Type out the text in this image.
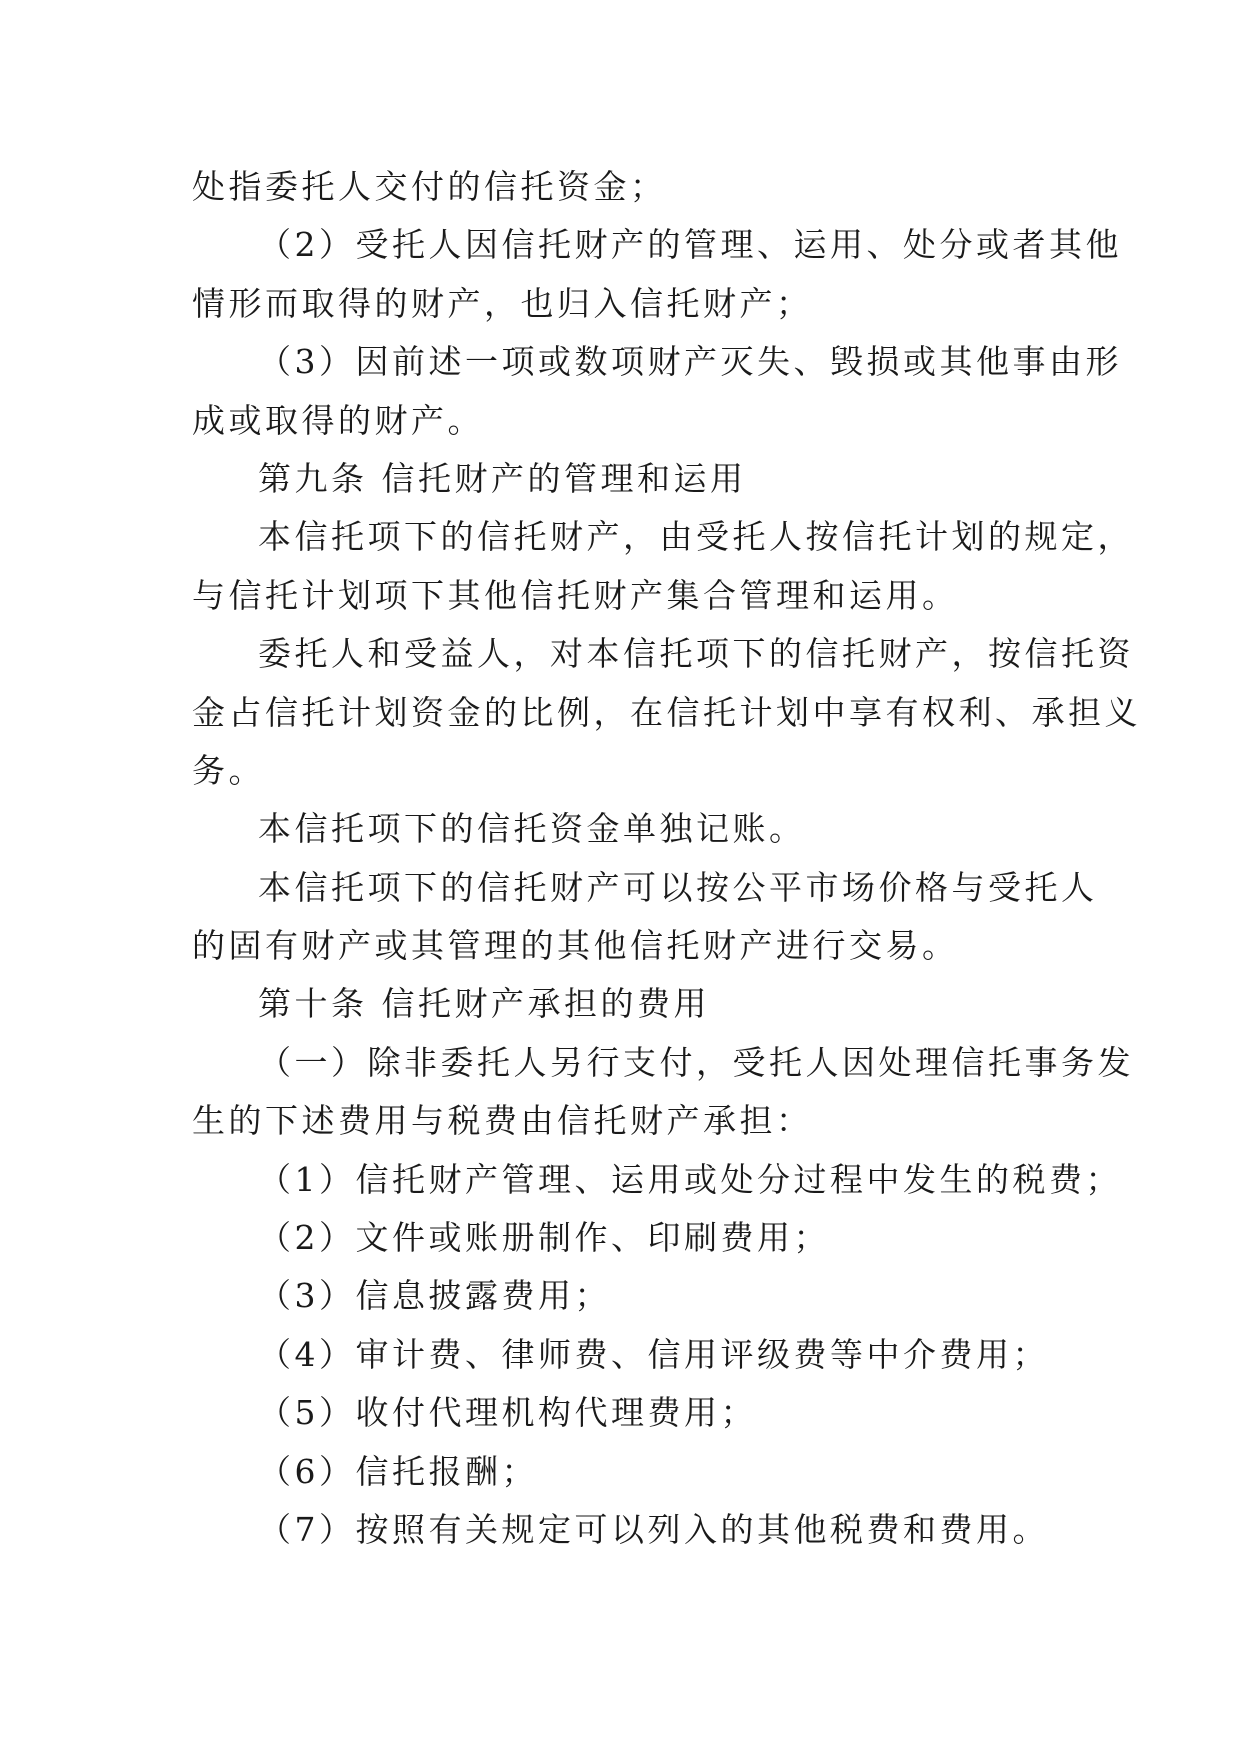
处指委托人交付的信托资金；
（2）受托人因信托财产的管理、运用、处分或者其他
情形而取得的财产，也归入信托财产；
（3）因前述一项或数项财产灭失、毁损或其他事由形
成或取得的财产。
第九条 信托财产的管理和运用
本信托项下的信托财产，由受托人按信托计划的规定，
与信托计划项下其他信托财产集合管理和运用。
委托人和受益人，对本信托项下的信托财产，按信托资
金占信托计划资金的比例，在信托计划中享有权利、承担义
务。
本信托项下的信托资金单独记账。
本信托项下的信托财产可以按公平市场价格与受托人
的固有财产或其管理的其他信托财产进行交易。
第十条 信托财产承担的费用
（一）除非委托人另行支付，受托人因处理信托事务发
生的下述费用与税费由信托财产承担：
（1）信托财产管理、运用或处分过程中发生的税费；
（2）文件或账册制作、印刷费用；
（3）信息披露费用；
（4）审计费、律师费、信用评级费等中介费用；
（5）收付代理机构代理费用；
（6）信托报酬；
（7）按照有关规定可以列入的其他税费和费用。
